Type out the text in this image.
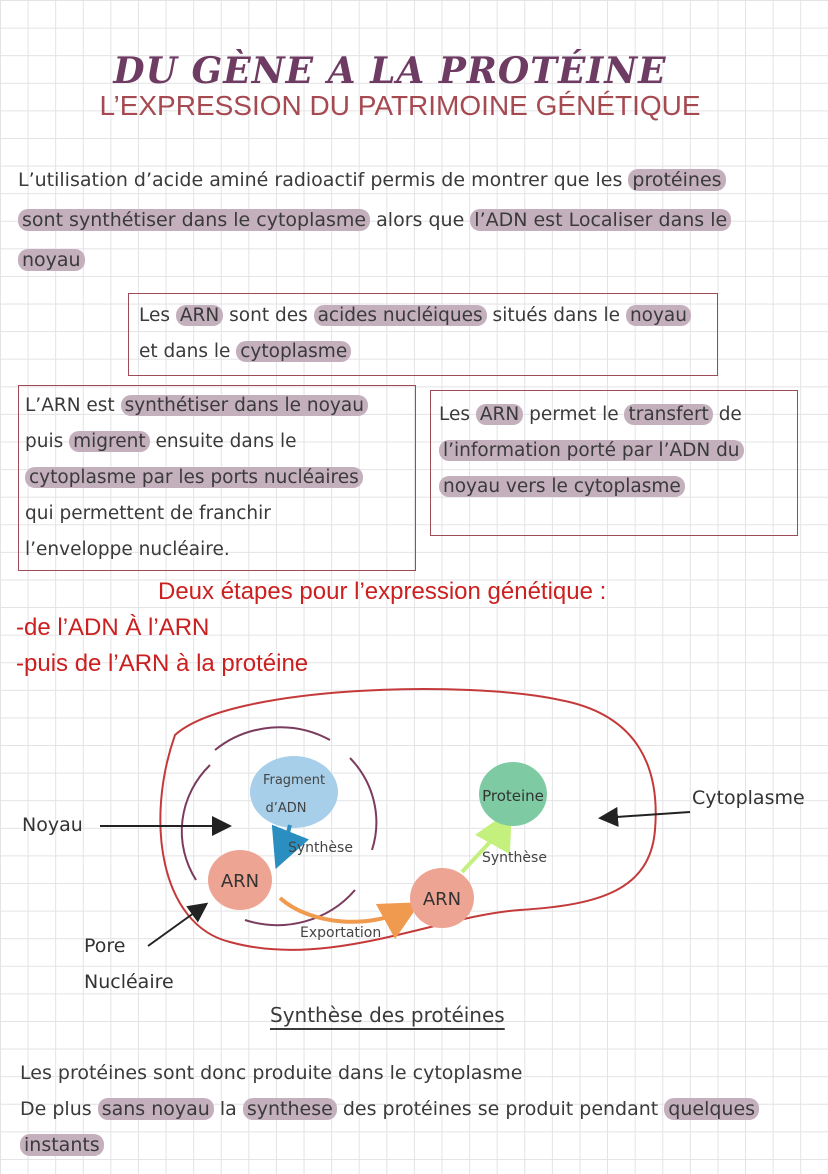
DU GÈNE A LA PROTÉINE
L’EXPRESSION DU PATRIMOINE GÉNÉTIQUE
L’utilisation d’acide aminé radioactif permis de montrer que les protéines
sont synthétiser dans le cytoplasme alors que l’ADN est Localiser dans le
noyau
Les ARN sont des acides nucléiques situés dans le noyau
et dans le cytoplasme
L’ARN est synthétiser dans le noyau
puis migrent ensuite dans le
cytoplasme par les ports nucléaires
qui permettent de franchir
l’enveloppe nucléaire.
Les ARN permet le transfert de
l’information porté par l’ADN du
noyau vers le cytoplasme
Deux étapes pour l’expression génétique :
-de l’ADN À l’ARN
-puis de l’ARN à la protéine
Fragment
d’ADN
Synthèse
ARN
Exportation
ARN
Synthèse
Proteine
Noyau
Cytoplasme
Pore
Nucléaire
Synthèse des protéines
Les protéines sont donc produite dans le cytoplasme
De plus sans noyau la synthese des protéines se produit pendant quelques
instants
